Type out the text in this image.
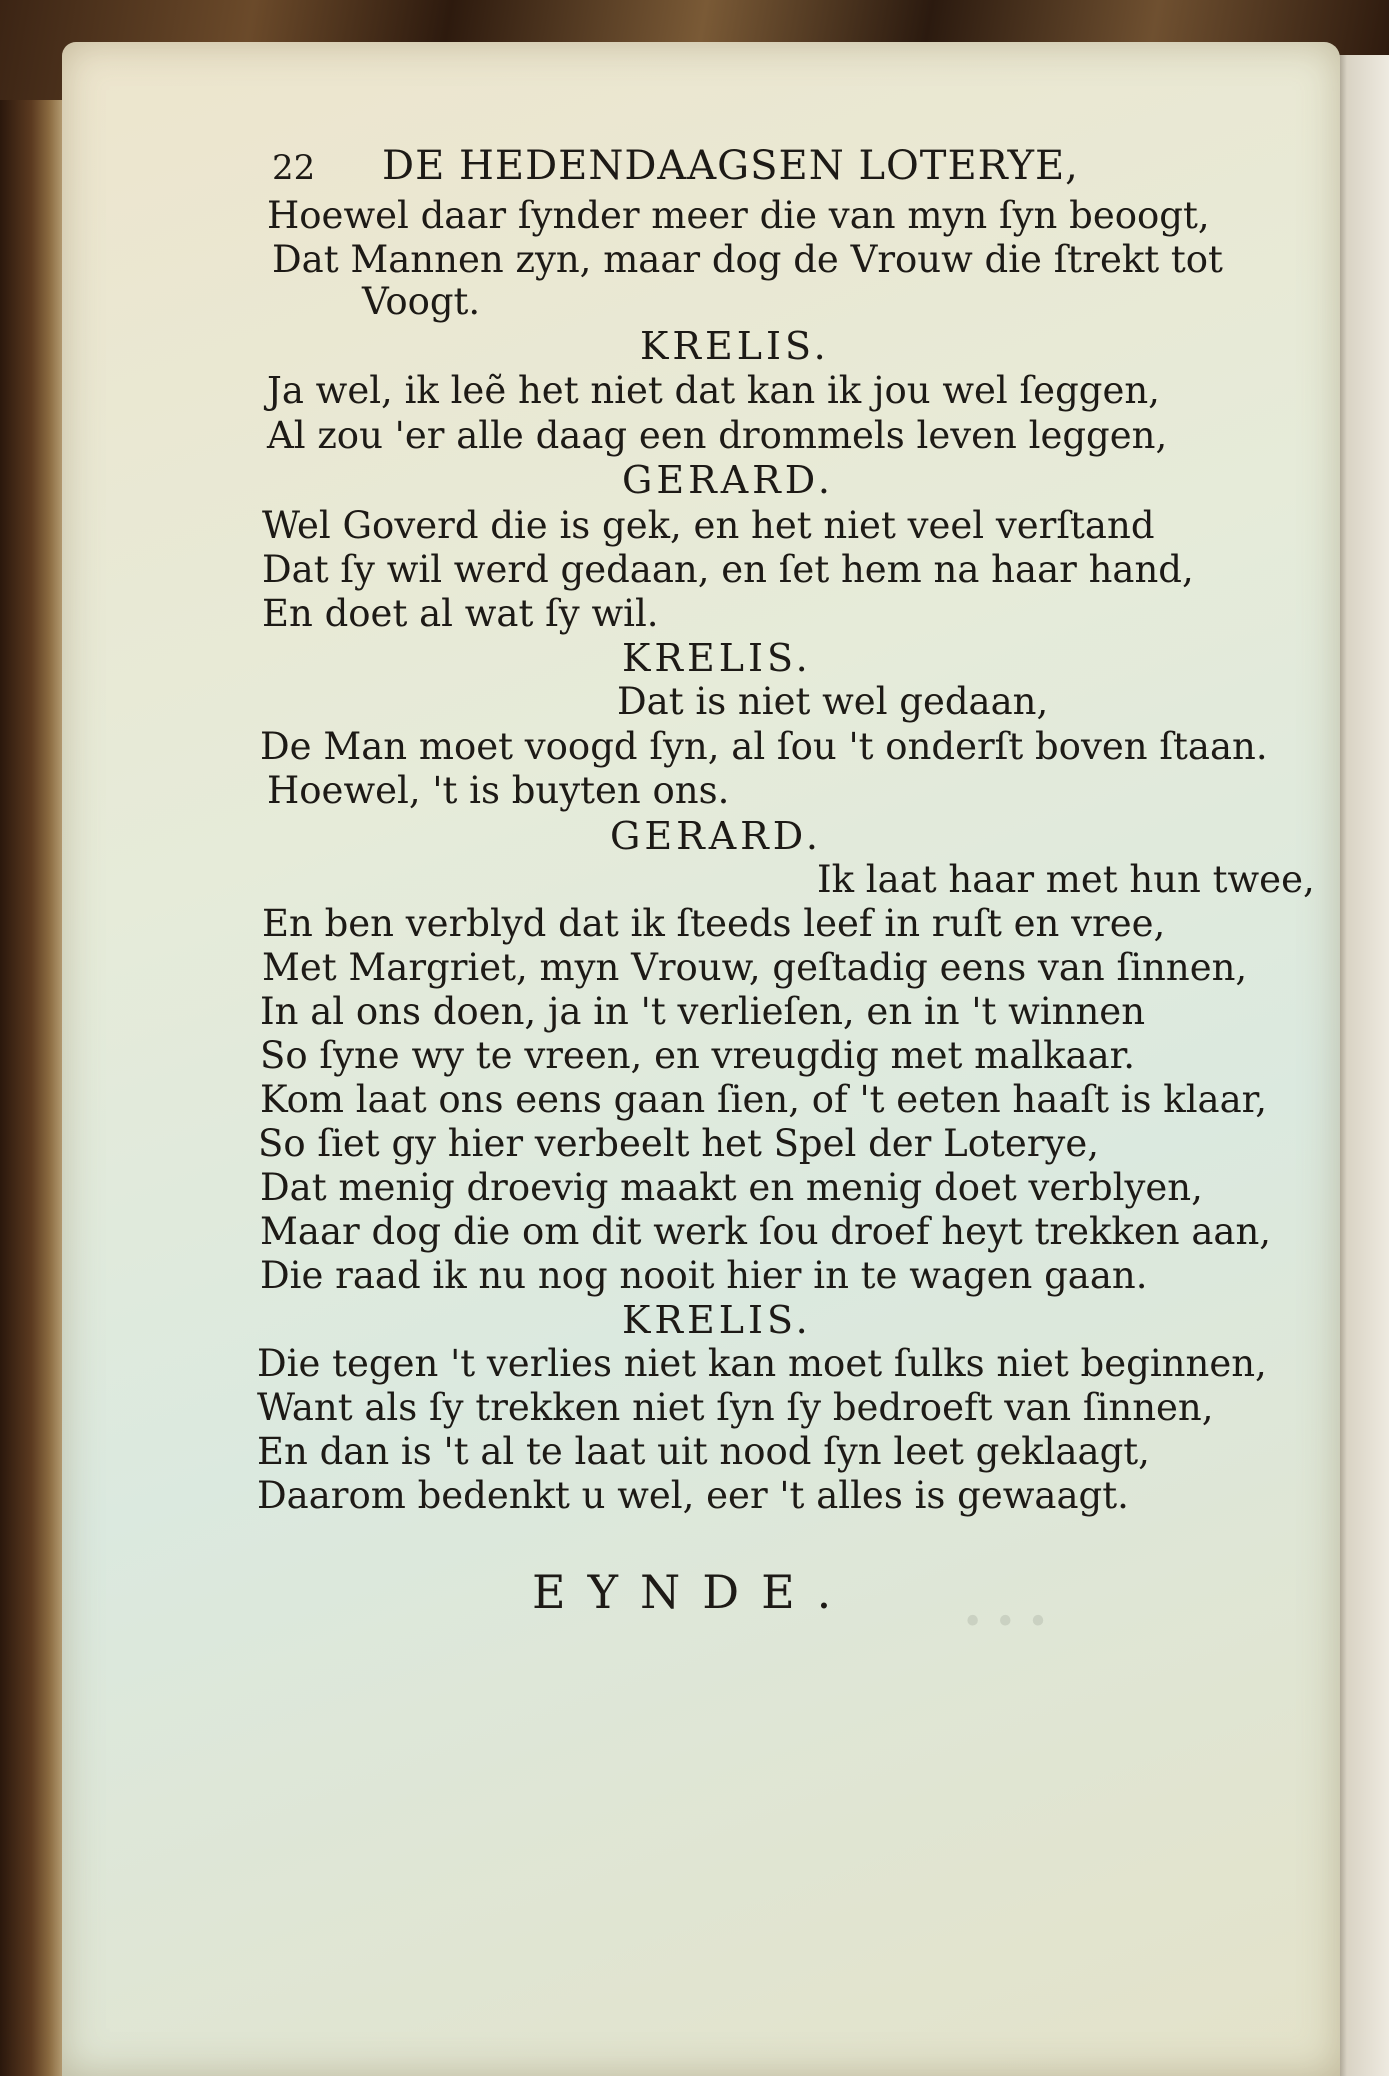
• • •
22 DE HEDENDAAGSEN LOTERYE,
Hoewel daar ſynder meer die van myn ſyn beoogt,
Dat Mannen zyn, maar dog de Vrouw die ſtrekt tot
Voogt.
KRELIS.
Ja wel, ik leẽ het niet dat kan ik jou wel ſeggen,
Al zou 'er alle daag een drommels leven leggen,
GERARD.
Wel Goverd die is gek, en het niet veel verſtand
Dat ſy wil werd gedaan, en ſet hem na haar hand,
En doet al wat ſy wil.
KRELIS.
Dat is niet wel gedaan,
De Man moet voogd ſyn, al ſou 't onderſt boven ſtaan.
Hoewel, 't is buyten ons.
GERARD.
Ik laat haar met hun twee,
En ben verblyd dat ik ſteeds leef in ruſt en vree,
Met Margriet, myn Vrouw, geſtadig eens van ſinnen,
In al ons doen, ja in 't verlieſen, en in 't winnen
So ſyne wy te vreen, en vreugdig met malkaar.
Kom laat ons eens gaan ſien, of 't eeten haaſt is klaar,
So ſiet gy hier verbeelt het Spel der Loterye,
Dat menig droevig maakt en menig doet verblyen,
Maar dog die om dit werk ſou droef heyt trekken aan,
Die raad ik nu nog nooit hier in te wagen gaan.
KRELIS.
Die tegen 't verlies niet kan moet ſulks niet beginnen,
Want als ſy trekken niet ſyn ſy bedroeft van ſinnen,
En dan is 't al te laat uit nood ſyn leet geklaagt,
Daarom bedenkt u wel, eer 't alles is gewaagt.
EYNDE.
